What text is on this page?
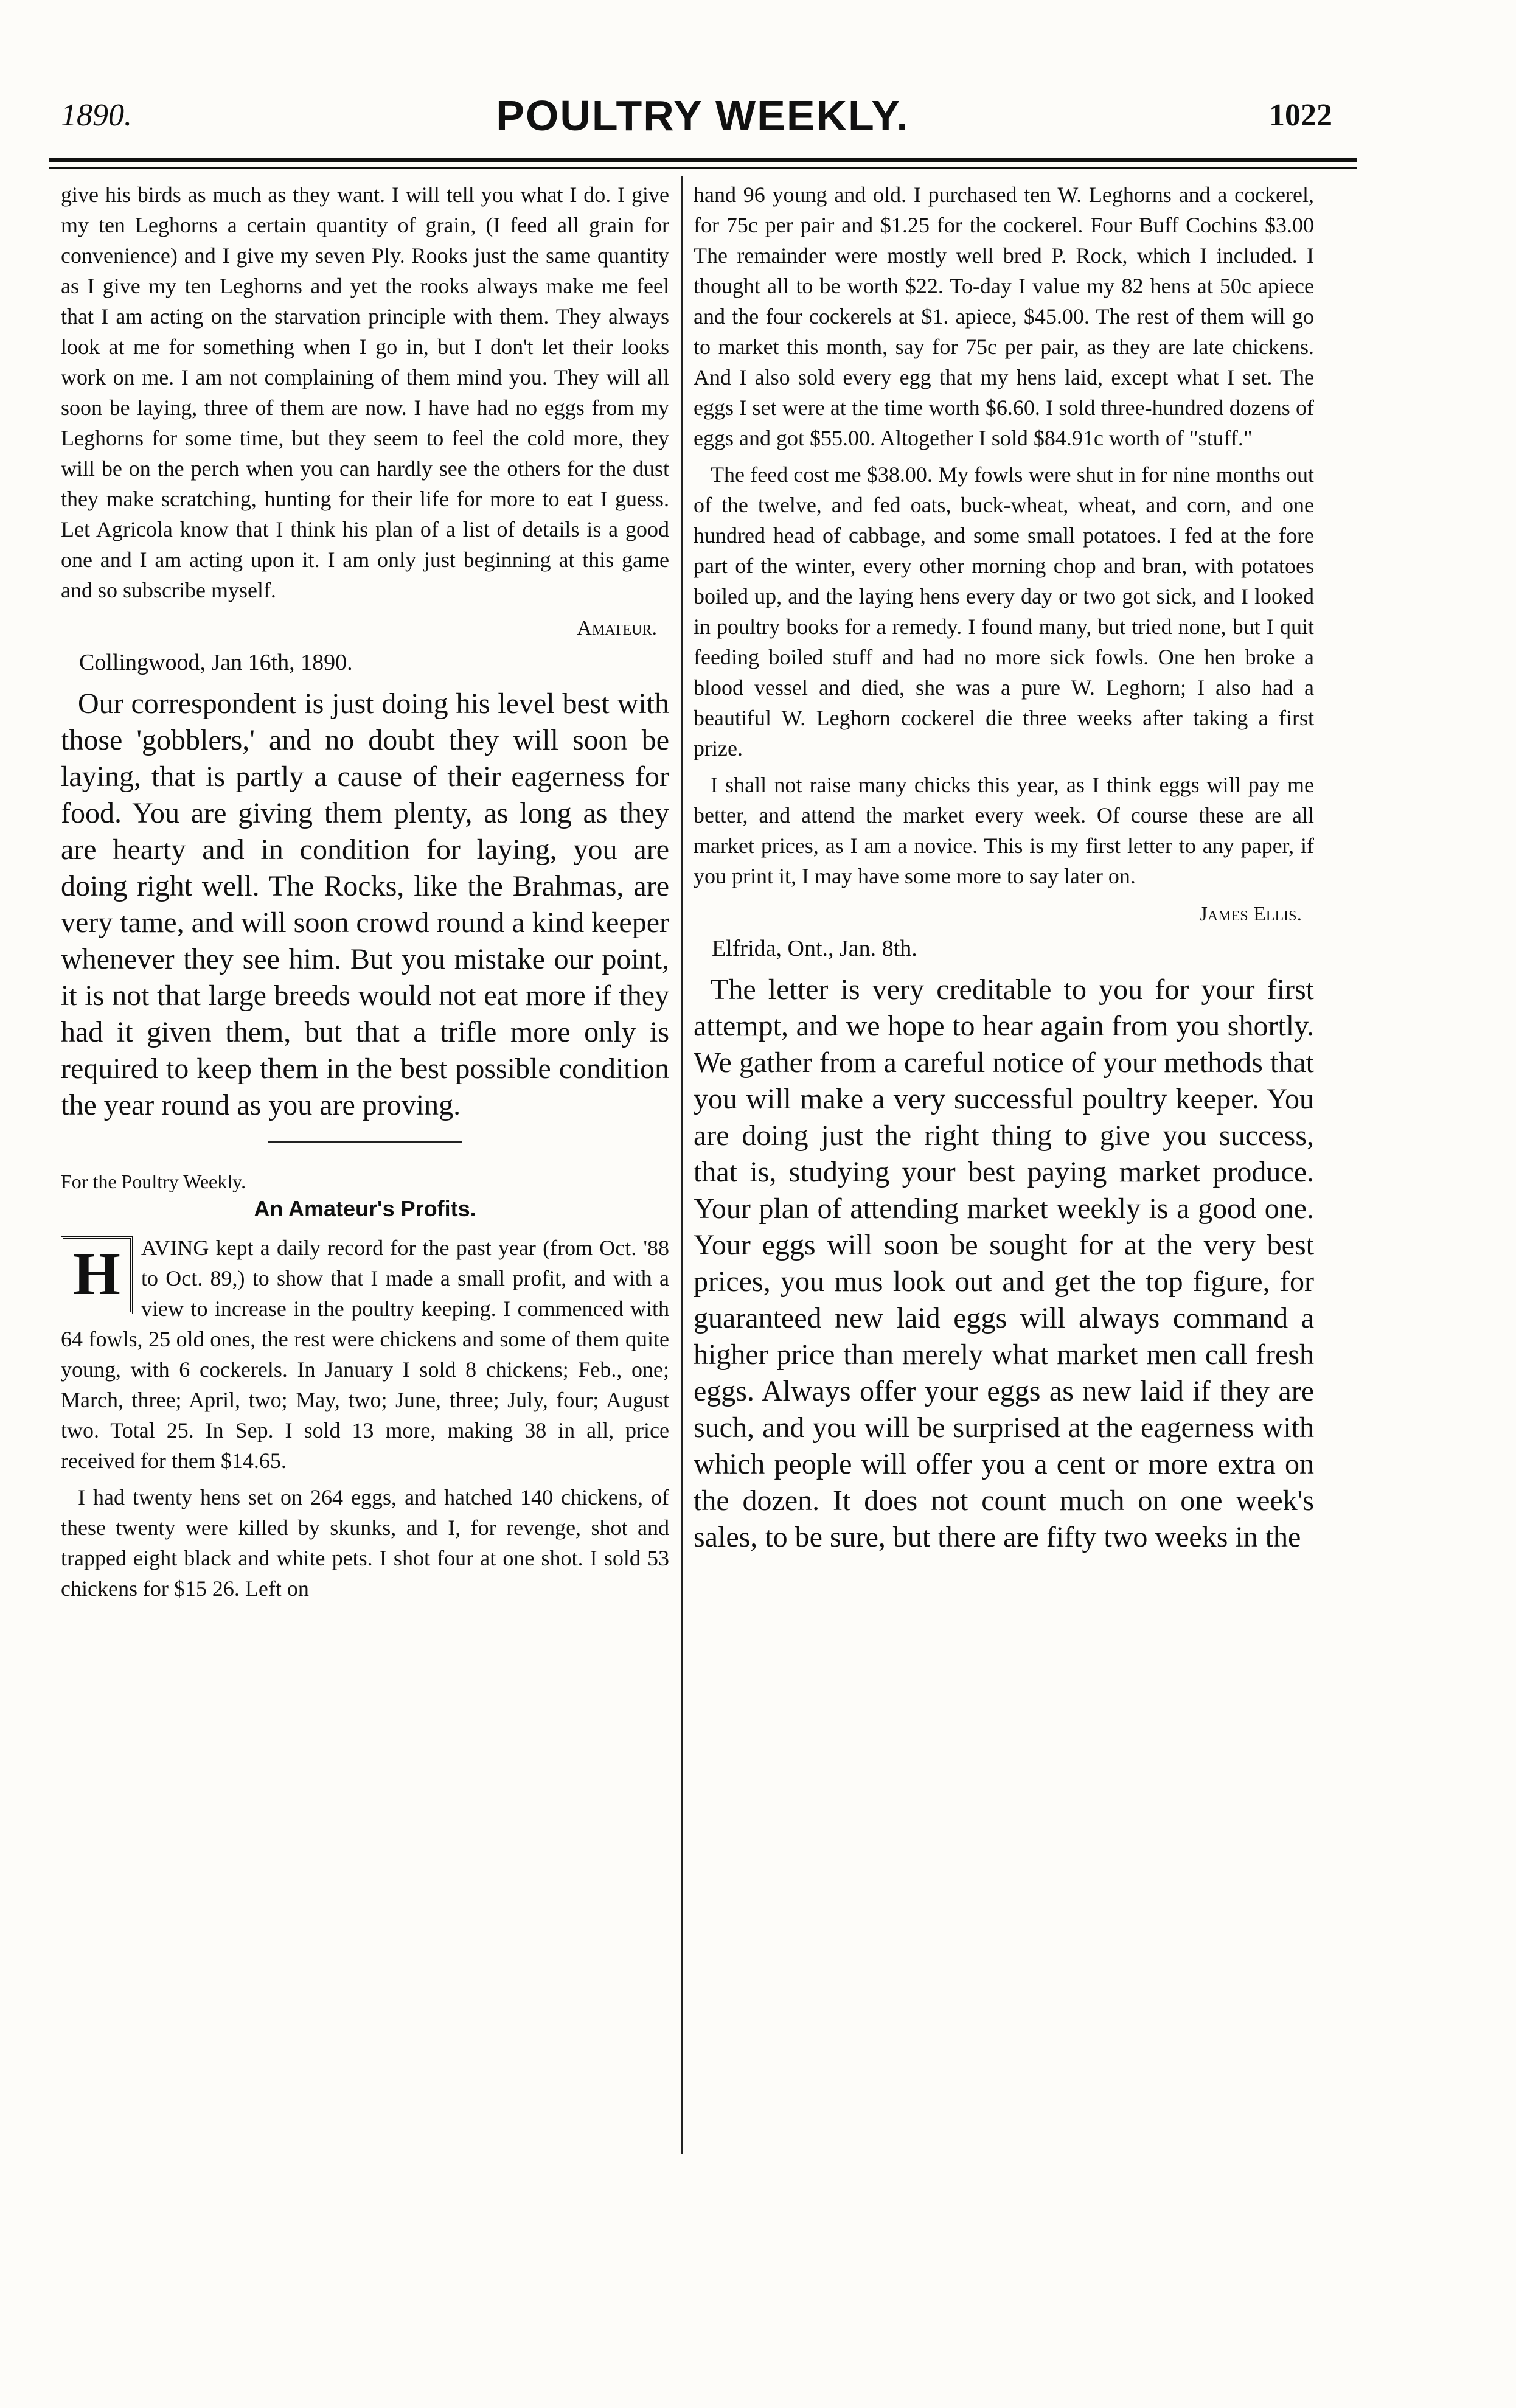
1890.	POULTRY WEEKLY.	1022

give his birds as much as they want. I will tell you what I do. I give my ten Leghorns a certain quantity of grain, (I feed all grain for convenience) and I give my seven Ply. Rooks just the same quantity as I give my ten Leghorns and yet the rooks always make me feel that I am acting on the starvation principle with them. They always look at me for something when I go in, but I don't let their looks work on me. I am not complaining of them mind you. They will all soon be laying, three of them are now. I have had no eggs from my Leghorns for some time, but they seem to feel the cold more, they will be on the perch when you can hardly see the others for the dust they make scratching, hunting for their life for more to eat I guess. Let Agricola know that I think his plan of a list of details is a good one and I am acting upon it. I am only just beginning at this game and so subscribe myself.

Amateur.

Collingwood, Jan 16th, 1890.

Our correspondent is just doing his level best with those 'gobblers,' and no doubt they will soon be laying, that is partly a cause of their eagerness for food. You are giving them plenty, as long as they are hearty and in condition for laying, you are doing right well. The Rocks, like the Brahmas, are very tame, and will soon crowd round a kind keeper whenever they see him. But you mistake our point, it is not that large breeds would not eat more if they had it given them, but that a trifle more only is required to keep them in the best possible condition the year round as you are proving.

For the Poultry Weekly.

An Amateur's Profits.

H AVING kept a daily record for the past year (from Oct. '88 to Oct. 89,) to show that I made a small profit, and with a view to increase in the poultry keeping. I commenced with 64 fowls, 25 old ones, the rest were chickens and some of them quite young, with 6 cockerels. In January I sold 8 chickens; Feb., one; March, three; April, two; May, two; June, three; July, four; August two. Total 25. In Sep. I sold 13 more, making 38 in all, price received for them $14.65.

I had twenty hens set on 264 eggs, and hatched 140 chickens, of these twenty were killed by skunks, and I, for revenge, shot and trapped eight black and white pets. I shot four at one shot. I sold 53 chickens for $15 26. Left on

hand 96 young and old. I purchased ten W. Leghorns and a cockerel, for 75c per pair and $1.25 for the cockerel. Four Buff Cochins $3.00 The remainder were mostly well bred P. Rock, which I included. I thought all to be worth $22. To-day I value my 82 hens at 50c apiece and the four cockerels at $1. apiece, $45.00. The rest of them will go to market this month, say for 75c per pair, as they are late chickens. And I also sold every egg that my hens laid, except what I set. The eggs I set were at the time worth $6.60. I sold three-hundred dozens of eggs and got $55.00. Altogether I sold $84.91c worth of "stuff."

The feed cost me $38.00. My fowls were shut in for nine months out of the twelve, and fed oats, buck-wheat, wheat, and corn, and one hundred head of cabbage, and some small potatoes. I fed at the fore part of the winter, every other morning chop and bran, with potatoes boiled up, and the laying hens every day or two got sick, and I looked in poultry books for a remedy. I found many, but tried none, but I quit feeding boiled stuff and had no more sick fowls. One hen broke a blood vessel and died, she was a pure W. Leghorn; I also had a beautiful W. Leghorn cockerel die three weeks after taking a first prize.

I shall not raise many chicks this year, as I think eggs will pay me better, and attend the market every week. Of course these are all market prices, as I am a novice. This is my first letter to any paper, if you print it, I may have some more to say later on.

James Ellis.

Elfrida, Ont., Jan. 8th.

The letter is very creditable to you for your first attempt, and we hope to hear again from you shortly. We gather from a careful notice of your methods that you will make a very successful poultry keeper. You are doing just the right thing to give you success, that is, studying your best paying market produce. Your plan of attending market weekly is a good one. Your eggs will soon be sought for at the very best prices, you mus look out and get the top figure, for guaranteed new laid eggs will always command a higher price than merely what market men call fresh eggs. Always offer your eggs as new laid if they are such, and you will be surprised at the eagerness with which people will offer you a cent or more extra on the dozen. It does not count much on one week's sales, to be sure, but there are fifty two weeks in the
